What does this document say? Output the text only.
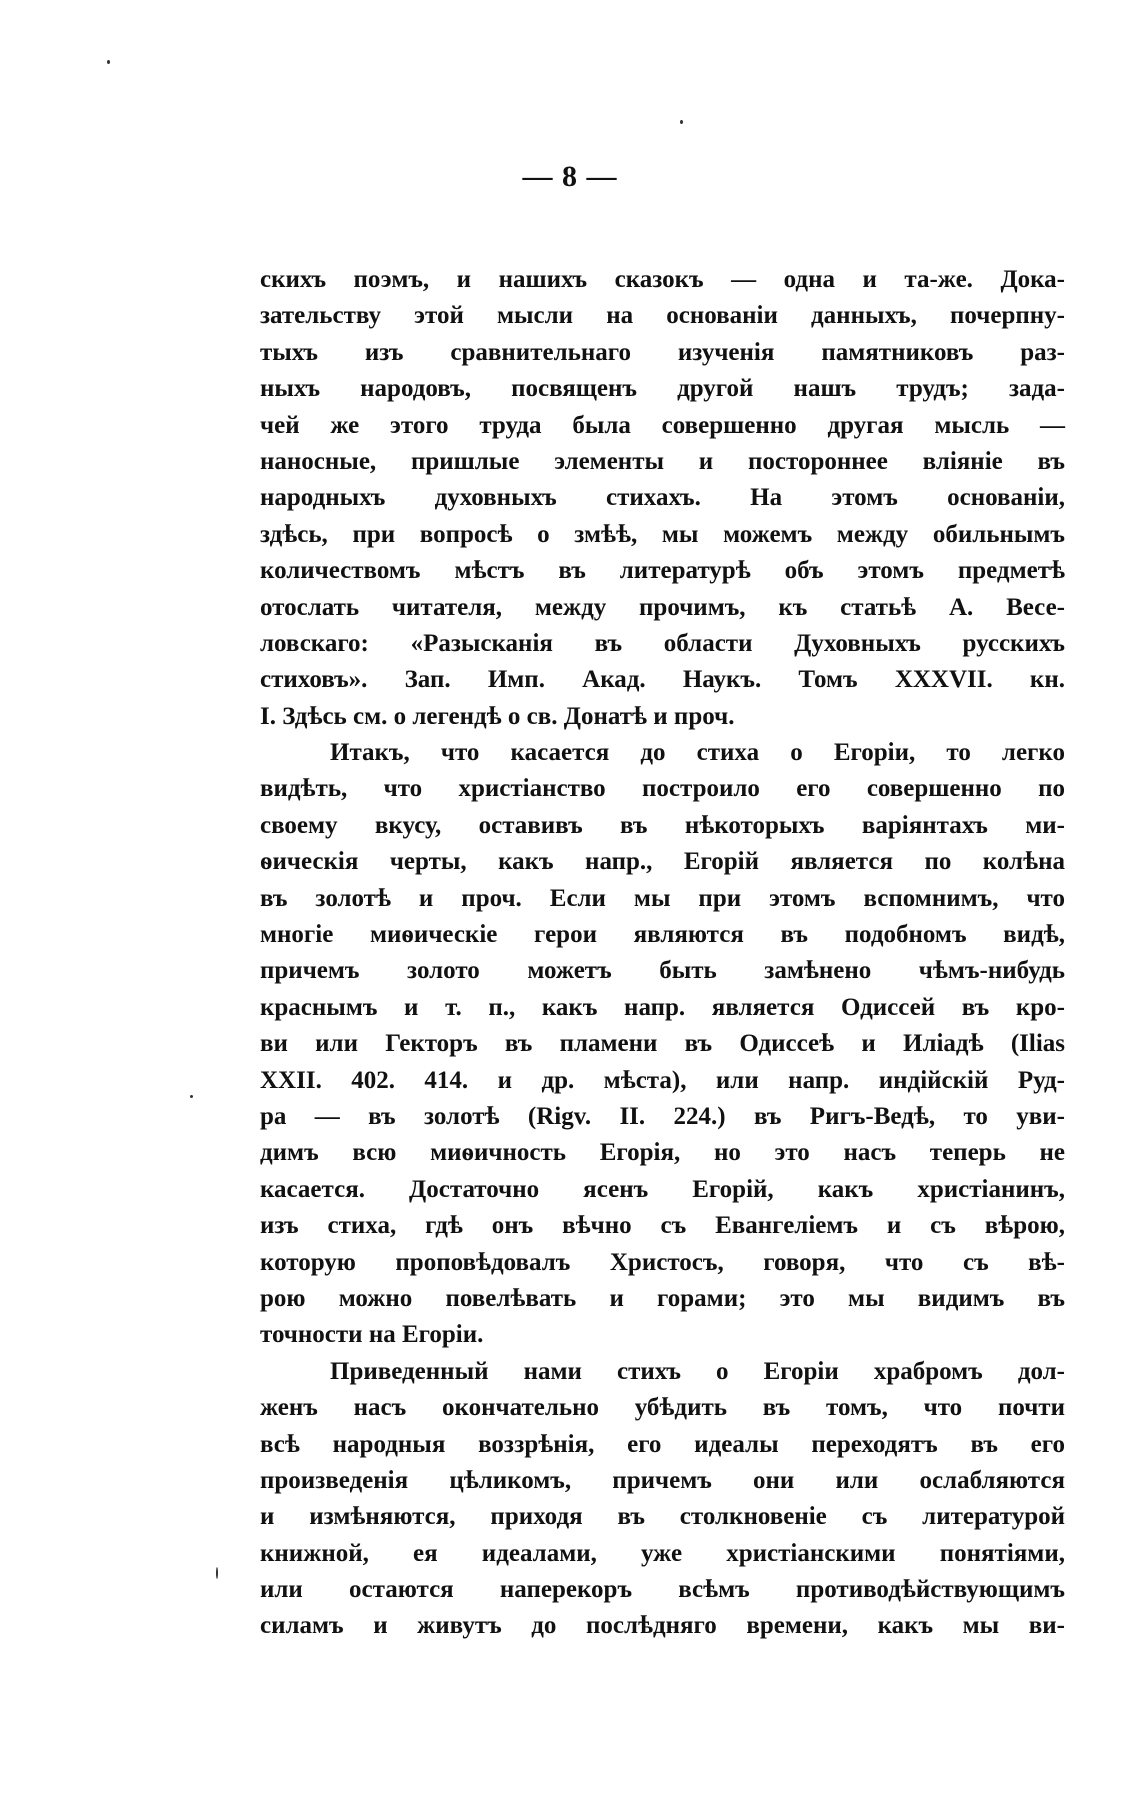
— 8 —
скихъ поэмъ, и нашихъ сказокъ — одна и та-же. Дока-
зательству этой мысли на основаніи данныхъ, почерпну-
тыхъ изъ сравнительнаго изученія памятниковъ раз-
ныхъ народовъ, посвященъ другой нашъ трудъ; зада-
чей же этого труда была совершенно другая мысль —
наносные, пришлые элементы и постороннее вліяніе въ
народныхъ духовныхъ стихахъ. На этомъ основаніи,
здѣсь, при вопросѣ о змѣѣ, мы можемъ между обильнымъ
количествомъ мѣстъ въ литературѣ объ этомъ предметѣ
отослать читателя, между прочимъ, къ статьѣ А. Весе-
ловскаго: «Разысканія въ области Духовныхъ русскихъ
стиховъ». Зап. Имп. Акад. Наукъ. Томъ XXXVII. кн.
I. Здѣсь см. о легендѣ о св. Донатѣ и проч.
Итакъ, что касается до стиха о Егоріи, то легко
видѣть, что христіанство построило его совершенно по
своему вкусу, оставивъ въ нѣкоторыхъ варіянтахъ ми-
ѳическія черты, какъ напр., Егорій является по колѣна
въ золотѣ и проч. Если мы при этомъ вспомнимъ, что
многіе миѳическіе герои являются въ подобномъ видѣ,
причемъ золото можетъ быть замѣнено чѣмъ-нибудь
краснымъ и т. п., какъ напр. является Одиссей въ кро-
ви или Гекторъ въ пламени въ Одиссеѣ и Иліадѣ (Ilias
XXII. 402. 414. и др. мѣста), или напр. индійскій Руд-
ра — въ золотѣ (Rigv. II. 224.) въ Ригъ-Ведѣ, то уви-
димъ всю миѳичность Егорія, но это насъ теперь не
касается. Достаточно ясенъ Егорій, какъ христіанинъ,
изъ стиха, гдѣ онъ вѣчно съ Евангеліемъ и съ вѣрою,
которую проповѣдовалъ Христосъ, говоря, что съ вѣ-
рою можно повелѣвать и горами; это мы видимъ въ
точности на Егоріи.
Приведенный нами стихъ о Егоріи храбромъ дол-
женъ насъ окончательно убѣдить въ томъ, что почти
всѣ народныя воззрѣнія, его идеалы переходятъ въ его
произведенія цѣликомъ, причемъ они или ослабляются
и измѣняются, приходя въ столкновеніе съ литературой
книжной, ея идеалами, уже христіанскими понятіями,
или остаются наперекоръ всѣмъ противодѣйствующимъ
силамъ и живутъ до послѣдняго времени, какъ мы ви-
